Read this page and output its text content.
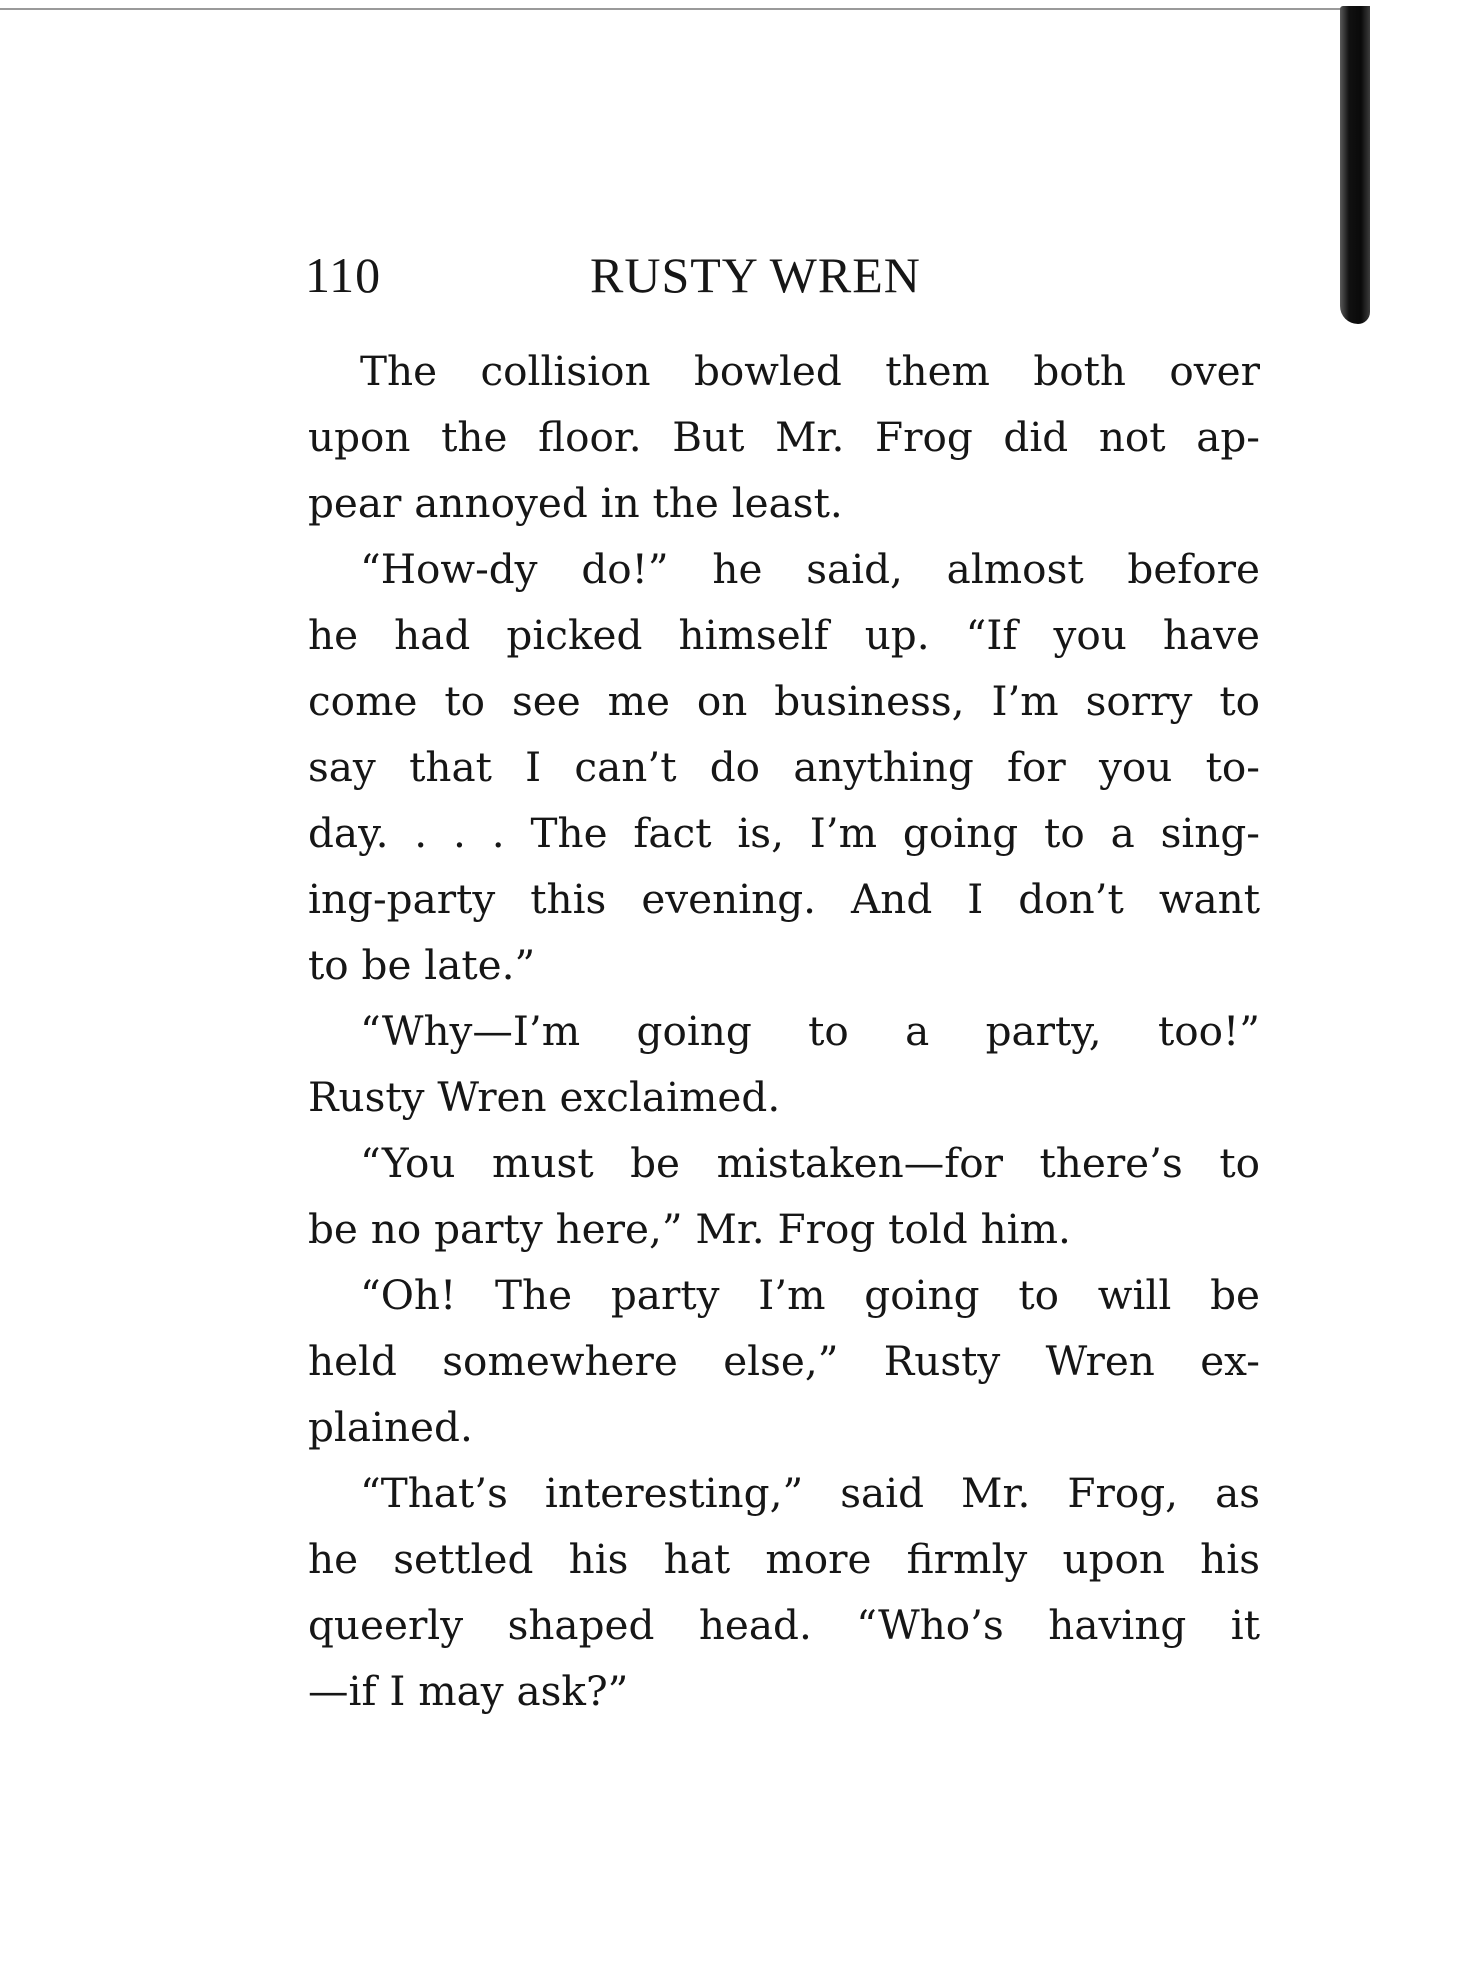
110	RUSTY WREN

The collision bowled them both over
upon the floor. But Mr. Frog did not ap-
pear annoyed in the least.

“How-dy do!” he said, almost before
he had picked himself up. “If you have
come to see me on business, I’m sorry to
say that I can’t do anything for you to-
day. . . . The fact is, I’m going to a sing-
ing-party this evening. And I don’t want
to be late.”

“Why—I’m going to a party, too!”
Rusty Wren exclaimed.

“You must be mistaken—for there’s to
be no party here,” Mr. Frog told him.

“Oh! The party I’m going to will be
held somewhere else,” Rusty Wren ex-
plained.

“That’s interesting,” said Mr. Frog, as
he settled his hat more firmly upon his
queerly shaped head. “Who’s having it
—if I may ask?”
